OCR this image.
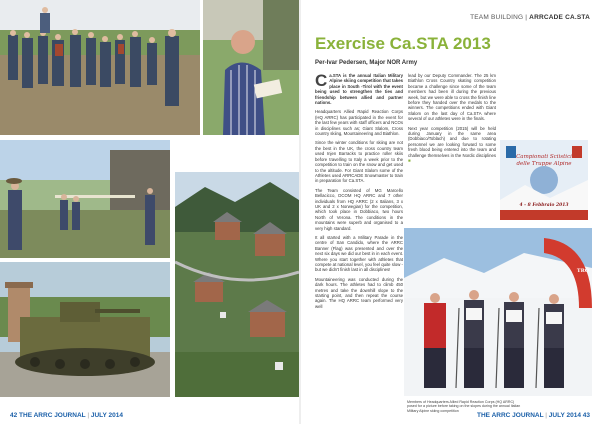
Campionati Sciistici
delle Truppe Alpine
4 - 8 Febbraio 2013
TRO
TEAM BUILDING | ARRCADE CA.STA
Exercise Ca.STA 2013
Per-Ivar Pedersen, Major NOR Army

Ca.STA is the annual Italian Military Alpine skiing competition that takes place in South -Tirol with the event being used to strengthen the ties and friendship between allied and partner nations.

Headquarters Allied Rapid Reaction Corps (HQ ARRC) has participated in the event for the last few years with staff officers and NCOs in disciplines such as; Giant Slalom, Cross country skiing, Mountaineering and Biathlon.

Since the winter conditions for skiing are not the best in the UK, the cross country team used Injen Barracks to practice roller skiis before travelling to Italy a week prior to the competition to train on the snow and get used to the altitude. For Giant Slalom some of the Athletes used ARRCADE Snowmaster to train in preparation for Ca.STA.

The Team consisted of MG Marcello Bellacicco, DCOM HQ ARRC and 7 other individuals from HQ ARRC (2 x Italians, 3 x UK and 2 x Norwegian) for the competition, which took place in Dobbiaco, two hours North of Verona. The conditions in the mountains were superb and organised to a very high standard.

It all started with a Military Parade in the centre of San Candido, where the ARRC Banner (Flag) was presented and over the next six days we did our best in in each event. Where you start together with athletes that compete at national level, you feel quite slow - but we didn't finish last in all disciplines!

Mountaineering was conducted during the dark hours. The athletes had to climb 450 metres and take the downhill slope to the starting point, and then repeat the course again. The HQ ARRC team performed very well

lead by our Deputy Commander. The 25 km Biathlon Cross Country skating competition became a challenge since some of the team members had been ill during the previous week, but we were able to cross the finish line before they handed over the medals to the winners. The competitions ended with Giant Slalom on the last day of Ca.STA where several of our athletes were in the finals.

Next year competition (2015) will be held during January in the same area (Dobbiaco/Toblach) and due to rotating personnel we are looking forward to some fresh blood being entered into the team and challenge themselves in the Nordic disciplines ■

Members of Headquarters Allied Rapid Reaction Corps (HQ ARRC) posed for a picture before taking on the slopes during the annual Italian Military Alpine skiing competition
42 THE ARRC JOURNAL | JULY 2014	THE ARRC JOURNAL | JULY 2014 43
